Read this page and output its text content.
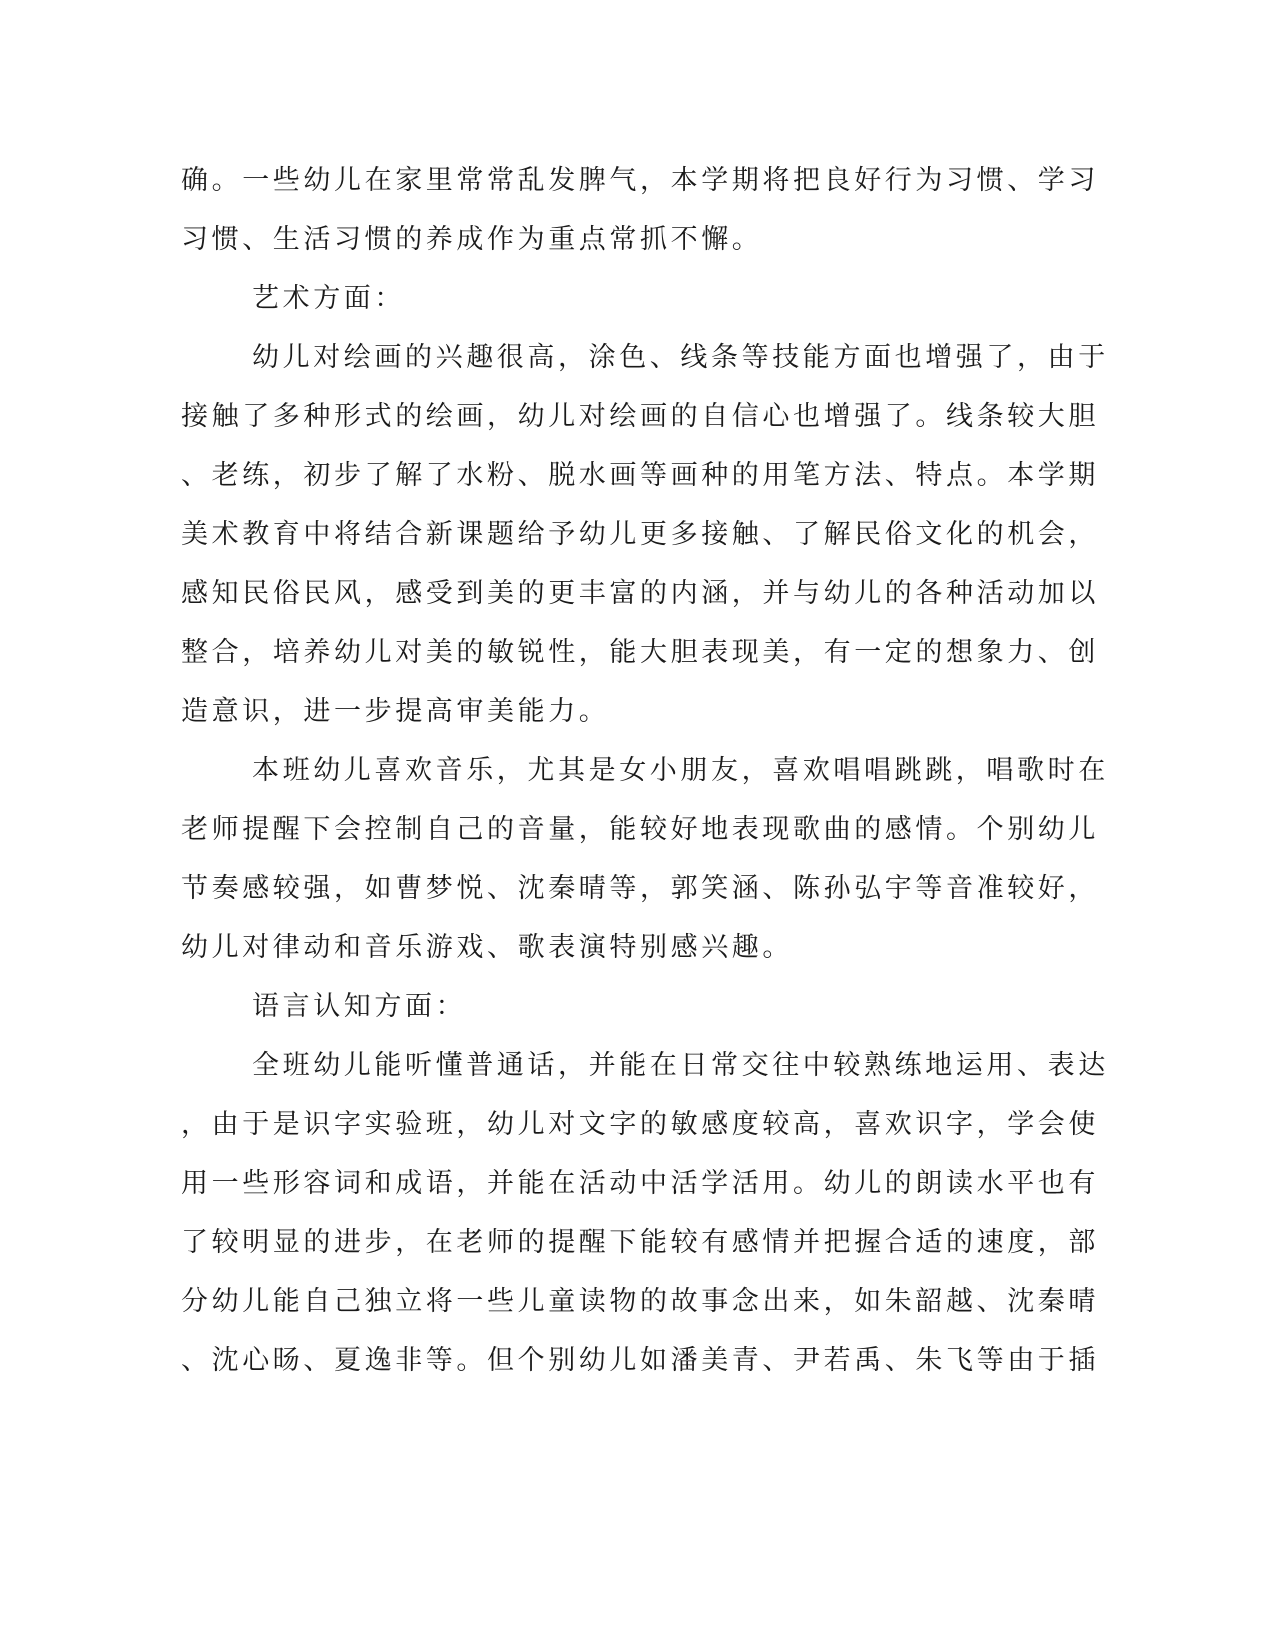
确。一些幼儿在家里常常乱发脾气，本学期将把良好行为习惯、学习
习惯、生活习惯的养成作为重点常抓不懈。
艺术方面：
幼儿对绘画的兴趣很高，涂色、线条等技能方面也增强了，由于
接触了多种形式的绘画，幼儿对绘画的自信心也增强了。线条较大胆
、老练，初步了解了水粉、脱水画等画种的用笔方法、特点。本学期
美术教育中将结合新课题给予幼儿更多接触、了解民俗文化的机会，
感知民俗民风，感受到美的更丰富的内涵，并与幼儿的各种活动加以
整合，培养幼儿对美的敏锐性，能大胆表现美，有一定的想象力、创
造意识，进一步提高审美能力。
本班幼儿喜欢音乐，尤其是女小朋友，喜欢唱唱跳跳，唱歌时在
老师提醒下会控制自己的音量，能较好地表现歌曲的感情。个别幼儿
节奏感较强，如曹梦悦、沈秦晴等，郭笑涵、陈孙弘宇等音准较好，
幼儿对律动和音乐游戏、歌表演特别感兴趣。
语言认知方面：
全班幼儿能听懂普通话，并能在日常交往中较熟练地运用、表达
，由于是识字实验班，幼儿对文字的敏感度较高，喜欢识字，学会使
用一些形容词和成语，并能在活动中活学活用。幼儿的朗读水平也有
了较明显的进步，在老师的提醒下能较有感情并把握合适的速度，部
分幼儿能自己独立将一些儿童读物的故事念出来，如朱韶越、沈秦晴
、沈心旸、夏逸非等。但个别幼儿如潘美青、尹若禹、朱飞等由于插
